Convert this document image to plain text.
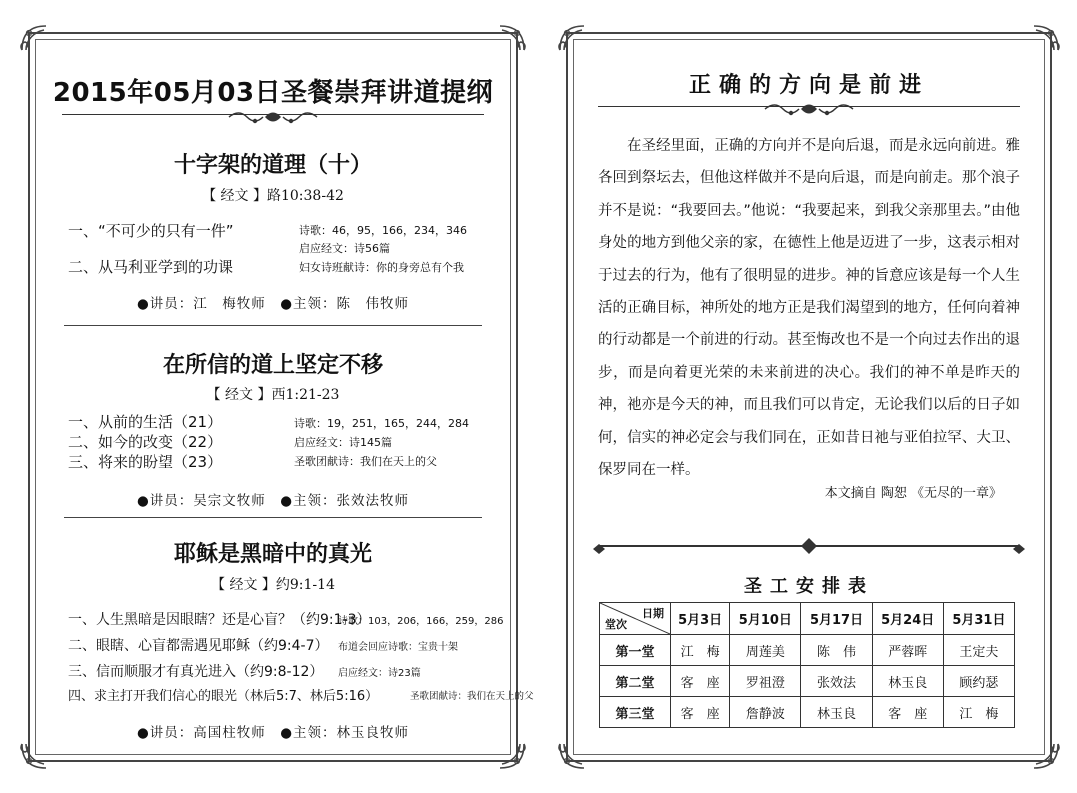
2015年05月03日圣餐崇拜讲道提纲
十字架的道理（十）
【 经文 】路10:38-42
一、“不可少的只有一件”
二、从马利亚学到的功课
诗歌：46，95，166，234，346
启应经文：诗56篇
妇女诗班献诗：你的身旁总有个我
●讲员：江　梅牧师　●主领：陈　伟牧师
在所信的道上坚定不移
【 经文 】西1:21-23
一、从前的生活（21）
二、如今的改变（22）
三、将来的盼望（23）
诗歌：19，251，165，244，284
启应经文：诗145篇
圣歌团献诗：我们在天上的父
●讲员：吴宗文牧师　●主领：张效法牧师
耶稣是黑暗中的真光
【 经文 】约9:1-14
一、人生黑暗是因眼瞎？还是心盲？（约9:1-3）
二、眼瞎、心盲都需遇见耶稣（约9:4-7）
三、信而顺服才有真光进入（约9:8-12）
四、求主打开我们信心的眼光（林后5:7、林后5:16）
诗歌：103，206，166，259，286
布道会回应诗歌：宝贵十架
启应经文：诗23篇
圣歌团献诗：我们在天上的父
●讲员：高国柱牧师　●主领：林玉良牧师
正确的方向是前进

在圣经里面，正确的方向并不是向后退，而是永远向前进。雅各回到祭坛去，但他这样做并不是向后退，而是向前走。那个浪子并不是说：“我要回去。”他说：“我要起来，到我父亲那里去。”由他身处的地方到他父亲的家，在德性上他是迈进了一步，这表示相对于过去的行为，他有了很明显的进步。神的旨意应该是每一个人生活的正确目标，神所处的地方正是我们渴望到的地方，任何向着神的行动都是一个前进的行动。甚至悔改也不是一个向过去作出的退步，而是向着更光荣的未来前进的决心。我们的神不单是昨天的神，祂亦是今天的神，而且我们可以肯定，无论我们以后的日子如何，信实的神必定会与我们同在，正如昔日祂与亚伯拉罕、大卫、保罗同在一样。

本文摘自 陶恕 《无尽的一章》
圣工安排表
日期
堂次	5月3日	5月10日	5月17日	5月24日	5月31日
第一堂	江　梅	周莲美	陈　伟	严蓉晖	王定夫
第二堂	客　座	罗祖澄	张效法	林玉良	顾约瑟
第三堂	客　座	詹静波	林玉良	客　座	江　梅
